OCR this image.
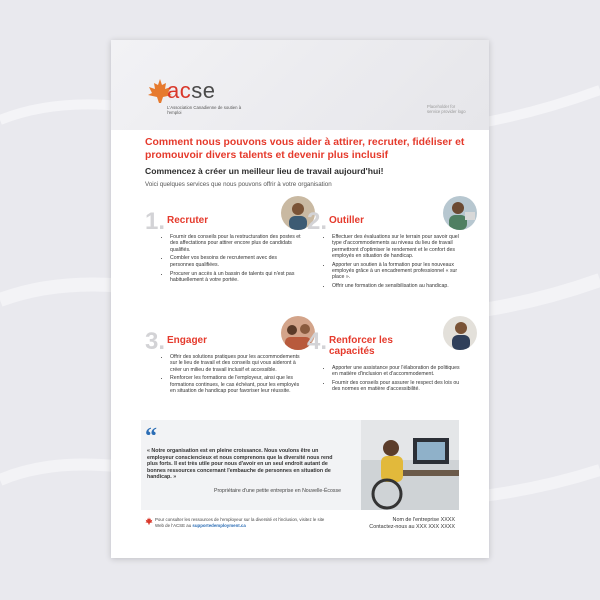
acse
L'Association Canadienne de soutien à l'emploi
Placeholder for service provider logo
Comment nous pouvons vous aider à attirer, recruter, fidéliser et promouvoir divers talents et devenir plus inclusif
Commencez à créer un meilleur lieu de travail aujourd'hui!
Voici quelques services que nous pouvons offrir à votre organisation
1. Recruter
• Fournir des conseils pour la restructuration des postes et des affectations pour attirer encore plus de candidats qualifiés.
• Combler vos besoins de recrutement avec des personnes qualifiées.
• Procurer un accès à un bassin de talents qui n'est pas habituellement à votre portée.
2. Outiller
• Effectuer des évaluations sur le terrain pour savoir quel type d'accommodements au niveau du lieu de travail permettront d'optimiser le rendement et le confort des employés en situation de handicap.
• Apporter un soutien à la formation pour les nouveaux employés grâce à un encadrement professionnel « sur place ».
• Offrir une formation de sensibilisation au handicap.
3. Engager
• Offrir des solutions pratiques pour les accommodements sur le lieu de travail et des conseils qui vous aideront à créer un milieu de travail inclusif et accessible.
• Renforcer les formations de l'employeur, ainsi que les formations continues, le cas échéant, pour les employés en situation de handicap pour favoriser leur réussite.
4. Renforcer les capacités
• Apporter une assistance pour l'élaboration de politiques en matière d'inclusion et d'accommodement.
• Fournir des conseils pour assurer le respect des lois ou des normes en matière d'accessibilité.
“
« Notre organisation est en pleine croissance. Nous voulons être un employeur consciencieux et nous comprenons que la diversité nous rend plus forts. Il est très utile pour nous d'avoir en un seul endroit autant de bonnes ressources concernant l'embauche de personnes en situation de handicap. »
Propriétaire d'une petite entreprise en Nouvelle-Écosse
Pour consulter les ressources de l'employeur sur la diversité et l'inclusion, visitez le site Web de l'ACSE au supportedemployment.ca
Nom de l'entreprise XXXX
Contactez-nous au XXX XXX XXXX
